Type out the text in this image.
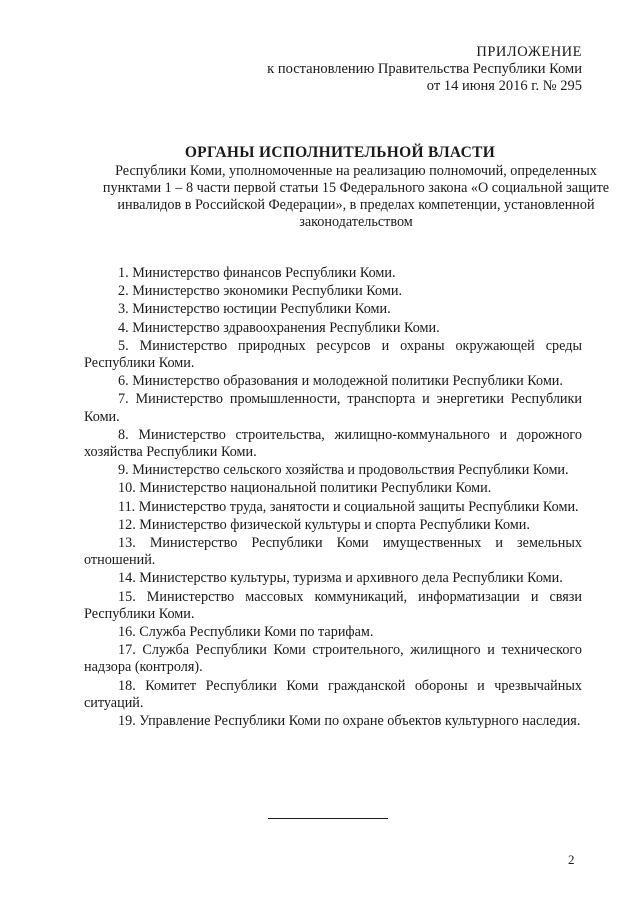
ПРИЛОЖЕНИЕ
к постановлению Правительства Республики Коми
от 14 июня 2016 г. № 295
ОРГАНЫ ИСПОЛНИТЕЛЬНОЙ ВЛАСТИ
Республики Коми, уполномоченные на реализацию полномочий, определенных пунктами 1 – 8 части первой статьи 15 Федерального закона «О социальной защите инвалидов в Российской Федерации», в пределах компетенции, установленной законодательством

1. Министерство финансов Республики Коми.

2. Министерство экономики Республики Коми.

3. Министерство юстиции Республики Коми.

4. Министерство здравоохранения Республики Коми.

5. Министерство природных ресурсов и охраны окружающей среды Республики Коми.

6. Министерство образования и молодежной политики Республики Коми.

7. Министерство промышленности, транспорта и энергетики Республики Коми.

8. Министерство строительства, жилищно-коммунального и дорожного хозяйства Республики Коми.

9. Министерство сельского хозяйства и продовольствия Республики Коми.

10. Министерство национальной политики Республики Коми.

11. Министерство труда, занятости и социальной защиты Республики Коми.

12. Министерство физической культуры и спорта Республики Коми.

13. Министерство Республики Коми имущественных и земельных отношений.

14. Министерство культуры, туризма и архивного дела Республики Коми.

15. Министерство массовых коммуникаций, информатизации и связи Республики Коми.

16. Служба Республики Коми по тарифам.

17. Служба Республики Коми строительного, жилищного и технического надзора (контроля).

18. Комитет Республики Коми гражданской обороны и чрезвычайных ситуаций.

19. Управление Республики Коми по охране объектов культурного наследия.

2
